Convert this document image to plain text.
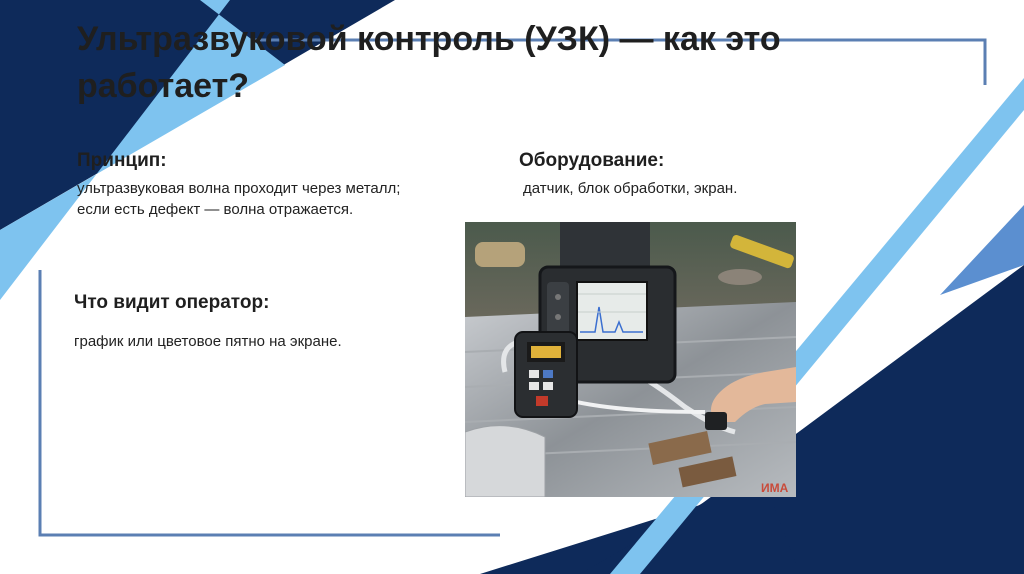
Ультразвуковой контроль (УЗК) — как это работает?
Принцип:
ультразвуковая волна проходит через металл; если есть дефект — волна отражается.
Оборудование:
датчик, блок обработки, экран.
Что видит оператор:
график или цветовое пятно на экране.
ИМА
